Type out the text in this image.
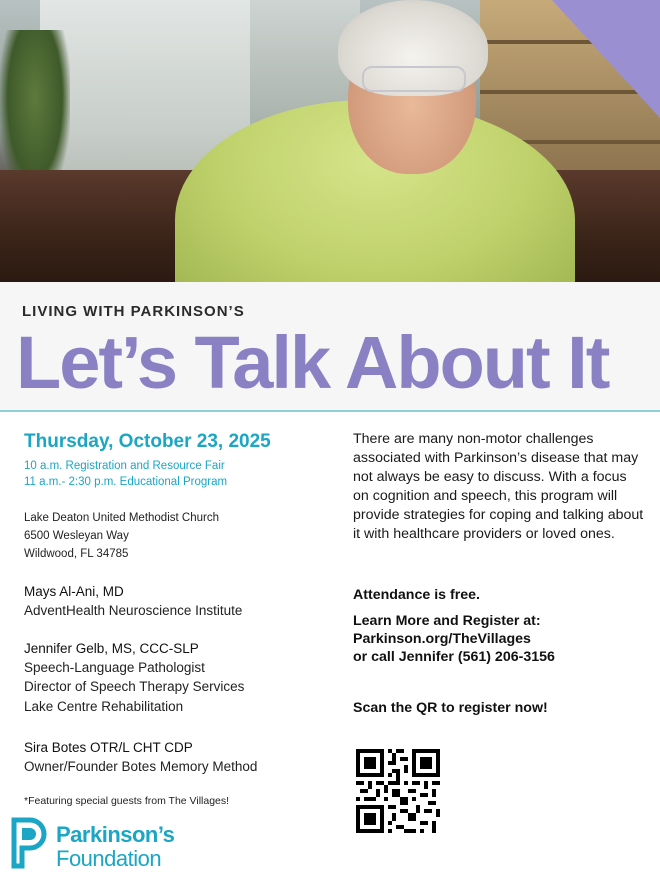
LIVING WITH PARKINSON’S
Let’s Talk About It
Thursday, October 23, 2025
10 a.m. Registration and Resource Fair
11 a.m.- 2:30 p.m. Educational Program
Lake Deaton United Methodist Church
6500 Wesleyan Way
Wildwood, FL 34785
Mays Al-Ani, MD
AdventHealth Neuroscience Institute
Jennifer Gelb, MS, CCC-SLP
Speech-Language Pathologist
Director of Speech Therapy Services
Lake Centre Rehabilitation
Sira Botes OTR/L CHT CDP
Owner/Founder Botes Memory Method
*Featuring special guests from The Villages!
There are many non-motor challenges associated with Parkinson’s disease that may not always be easy to discuss. With a focus on cognition and speech, this program will provide strategies for coping and talking about it with healthcare providers or loved ones.
Attendance is free.
Learn More and Register at:
Parkinson.org/TheVillages
or call Jennifer (561) 206-3156
Scan the QR to register now!
Parkinson’s
Foundation
